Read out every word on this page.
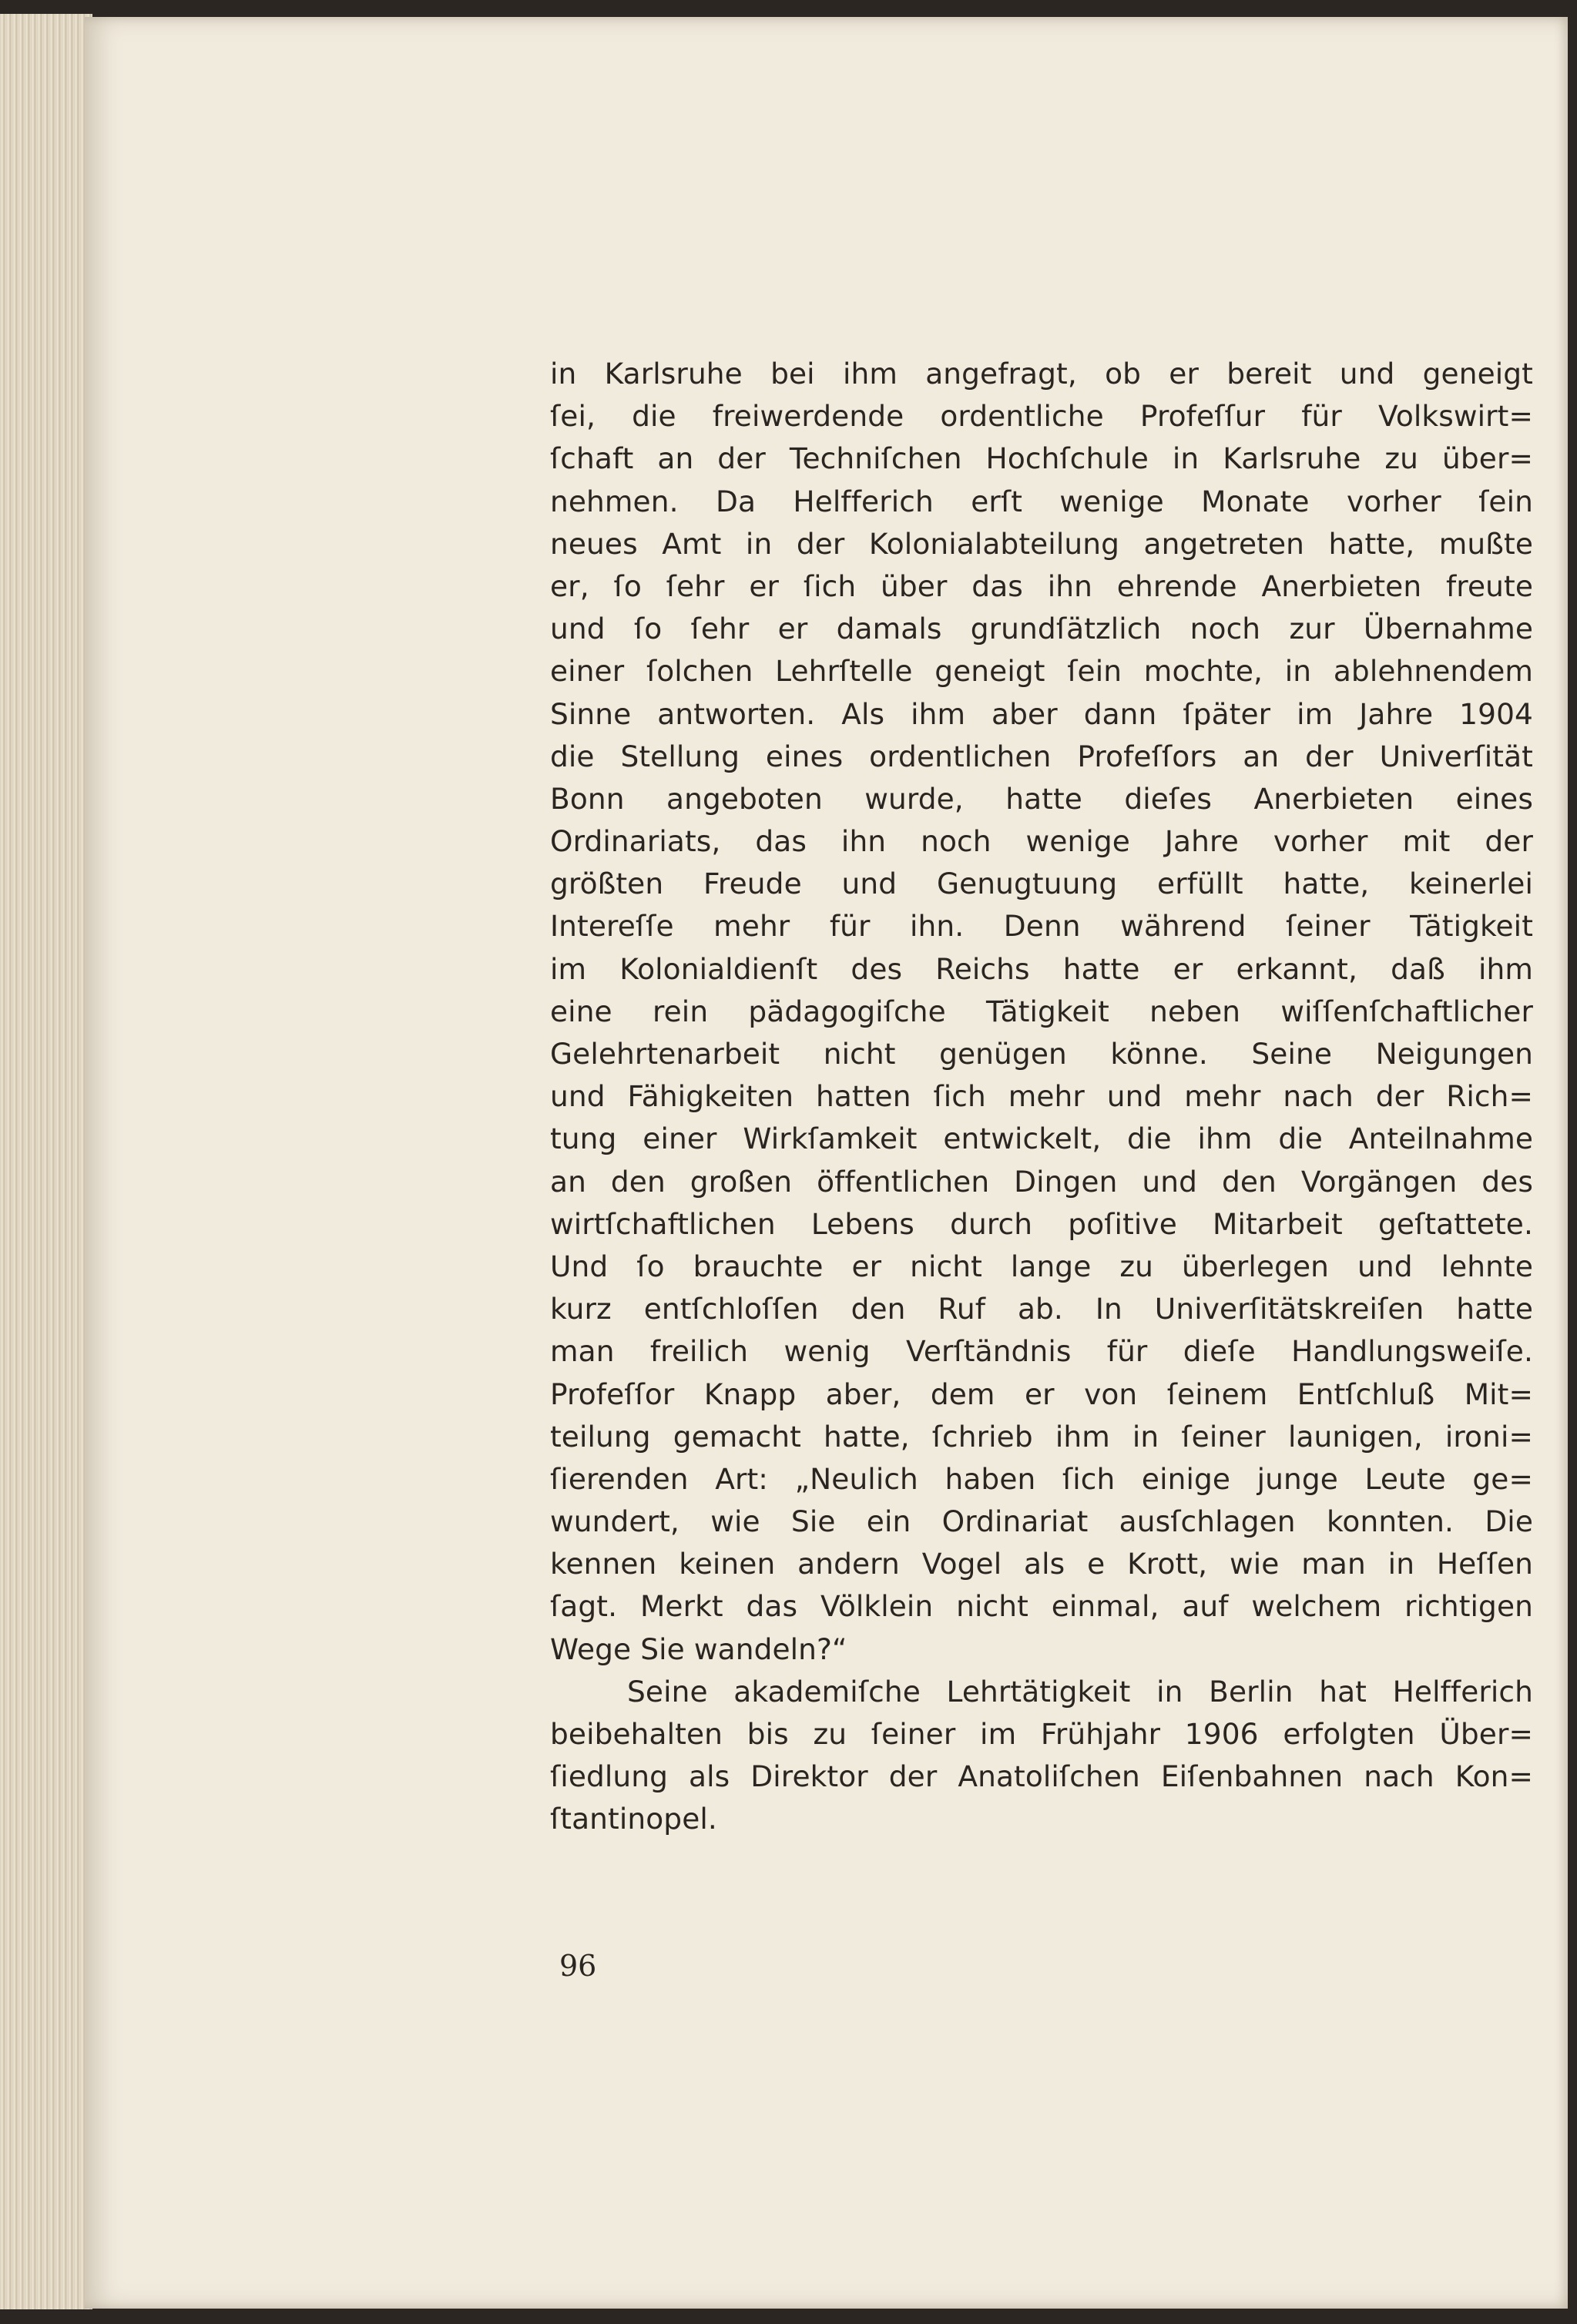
in Karlsruhe bei ihm angefragt, ob er bereit und geneigt
ſei, die freiwerdende ordentliche Profeſſur für Volkswirt=
ſchaft an der Techniſchen Hochſchule in Karlsruhe zu über=
nehmen. Da Helfferich erſt wenige Monate vorher ſein
neues Amt in der Kolonialabteilung angetreten hatte, mußte
er, ſo ſehr er ſich über das ihn ehrende Anerbieten freute
und ſo ſehr er damals grundſätzlich noch zur Übernahme
einer ſolchen Lehrſtelle geneigt ſein mochte, in ablehnendem
Sinne antworten. Als ihm aber dann ſpäter im Jahre 1904
die Stellung eines ordentlichen Profeſſors an der Univerſität
Bonn angeboten wurde, hatte dieſes Anerbieten eines
Ordinariats, das ihn noch wenige Jahre vorher mit der
größten Freude und Genugtuung erfüllt hatte, keinerlei
Intereſſe mehr für ihn. Denn während ſeiner Tätigkeit
im Kolonialdienſt des Reichs hatte er erkannt, daß ihm
eine rein pädagogiſche Tätigkeit neben wiſſenſchaftlicher
Gelehrtenarbeit nicht genügen könne. Seine Neigungen
und Fähigkeiten hatten ſich mehr und mehr nach der Rich=
tung einer Wirkſamkeit entwickelt, die ihm die Anteilnahme
an den großen öffentlichen Dingen und den Vorgängen des
wirtſchaftlichen Lebens durch poſitive Mitarbeit geſtattete.
Und ſo brauchte er nicht lange zu überlegen und lehnte
kurz entſchloſſen den Ruf ab. In Univerſitätskreiſen hatte
man freilich wenig Verſtändnis für dieſe Handlungsweiſe.
Profeſſor Knapp aber, dem er von ſeinem Entſchluß Mit=
teilung gemacht hatte, ſchrieb ihm in ſeiner launigen, ironi=
ſierenden Art: „Neulich haben ſich einige junge Leute ge=
wundert, wie Sie ein Ordinariat ausſchlagen konnten. Die
kennen keinen andern Vogel als e Krott, wie man in Heſſen
ſagt. Merkt das Völklein nicht einmal, auf welchem richtigen
Wege Sie wandeln?“
Seine akademiſche Lehrtätigkeit in Berlin hat Helfferich
beibehalten bis zu ſeiner im Frühjahr 1906 erfolgten Über=
ſiedlung als Direktor der Anatoliſchen Eiſenbahnen nach Kon=
ſtantinopel.
96
